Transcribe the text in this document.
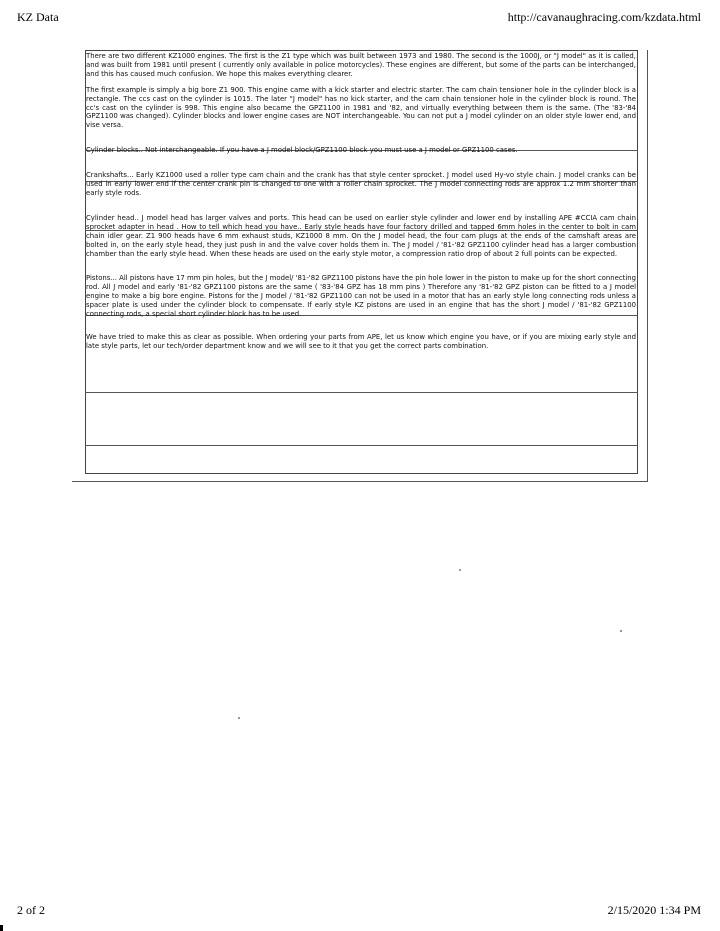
KZ Data	http://cavanaughracing.com/kzdata.html

There are two different KZ1000 engines. The first is the Z1 type which was built between 1973 and 1980. The second is the 1000J, or "J model" as it is called, and was built from 1981 until present ( currently only available in police motorcycles). These engines are different, but some of the parts can be interchanged, and this has caused much confusion. We hope this makes everything clearer.

The first example is simply a big bore Z1 900. This engine came with a kick starter and electric starter. The cam chain tensioner hole in the cylinder block is a rectangle. The ccs cast on the cylinder is 1015. The later "J model" has no kick starter, and the cam chain tensioner hole in the cylinder block is round. The cc's cast on the cylinder is 998. This engine also became the GPZ1100 in 1981 and '82, and virtually everything between them is the same. (The '83-'84 GPZ1100 was changed). Cylinder blocks and lower engine cases are NOT interchangeable. You can not put a J model cylinder on an older style lower end, and vise versa.

Cylinder blocks.. Not interchangeable. If you have a J model block/GPZ1100 block you must use a J model or GPZ1100 cases.

Crankshafts... Early KZ1000 used a roller type cam chain and the crank has that style center sprocket. J model used Hy-vo style chain. J model cranks can be used in early lower end if the center crank pin is changed to one with a roller chain sprocket. The J model connecting rods are approx 1.2 mm shorter than early style rods.

Cylinder head.. J model head has larger valves and ports. This head can be used on earlier style cylinder and lower end by installing APE #CCIA cam chain sprocket adapter in head . How to tell which head you have.. Early style heads have four factory drilled and tapped 6mm holes in the center to bolt in cam chain idler gear. Z1 900 heads have 6 mm exhaust studs, KZ1000 8 mm. On the J model head, the four cam plugs at the ends of the camshaft areas are bolted in, on the early style head, they just push in and the valve cover holds them in. The J model / '81-'82 GPZ1100 cylinder head has a larger combustion chamber than the early style head. When these heads are used on the early style motor, a compression ratio drop of about 2 full points can be expected.

Pistons... All pistons have 17 mm pin holes, but the J model/ '81-'82 GPZ1100 pistons have the pin hole lower in the piston to make up for the short connecting rod. All J model and early '81-'82 GPZ1100 pistons are the same ( '83-'84 GPZ has 18 mm pins ) Therefore any '81-'82 GPZ piston can be fitted to a J model engine to make a big bore engine. Pistons for the J model / '81-'82 GPZ1100 can not be used in a motor that has an early style long connecting rods unless a spacer plate is used under the cylinder block to compensate. If early style KZ pistons are used in an engine that has the short J model / '81-'82 GPZ1100 connecting rods, a special short cylinder block has to be used.

We have tried to make this as clear as possible. When ordering your parts from APE, let us know which engine you have, or if you are mixing early style and late style parts, let our tech/order department know and we will see to it that you get the correct parts combination.

2 of 2	2/15/2020 1:34 PM
